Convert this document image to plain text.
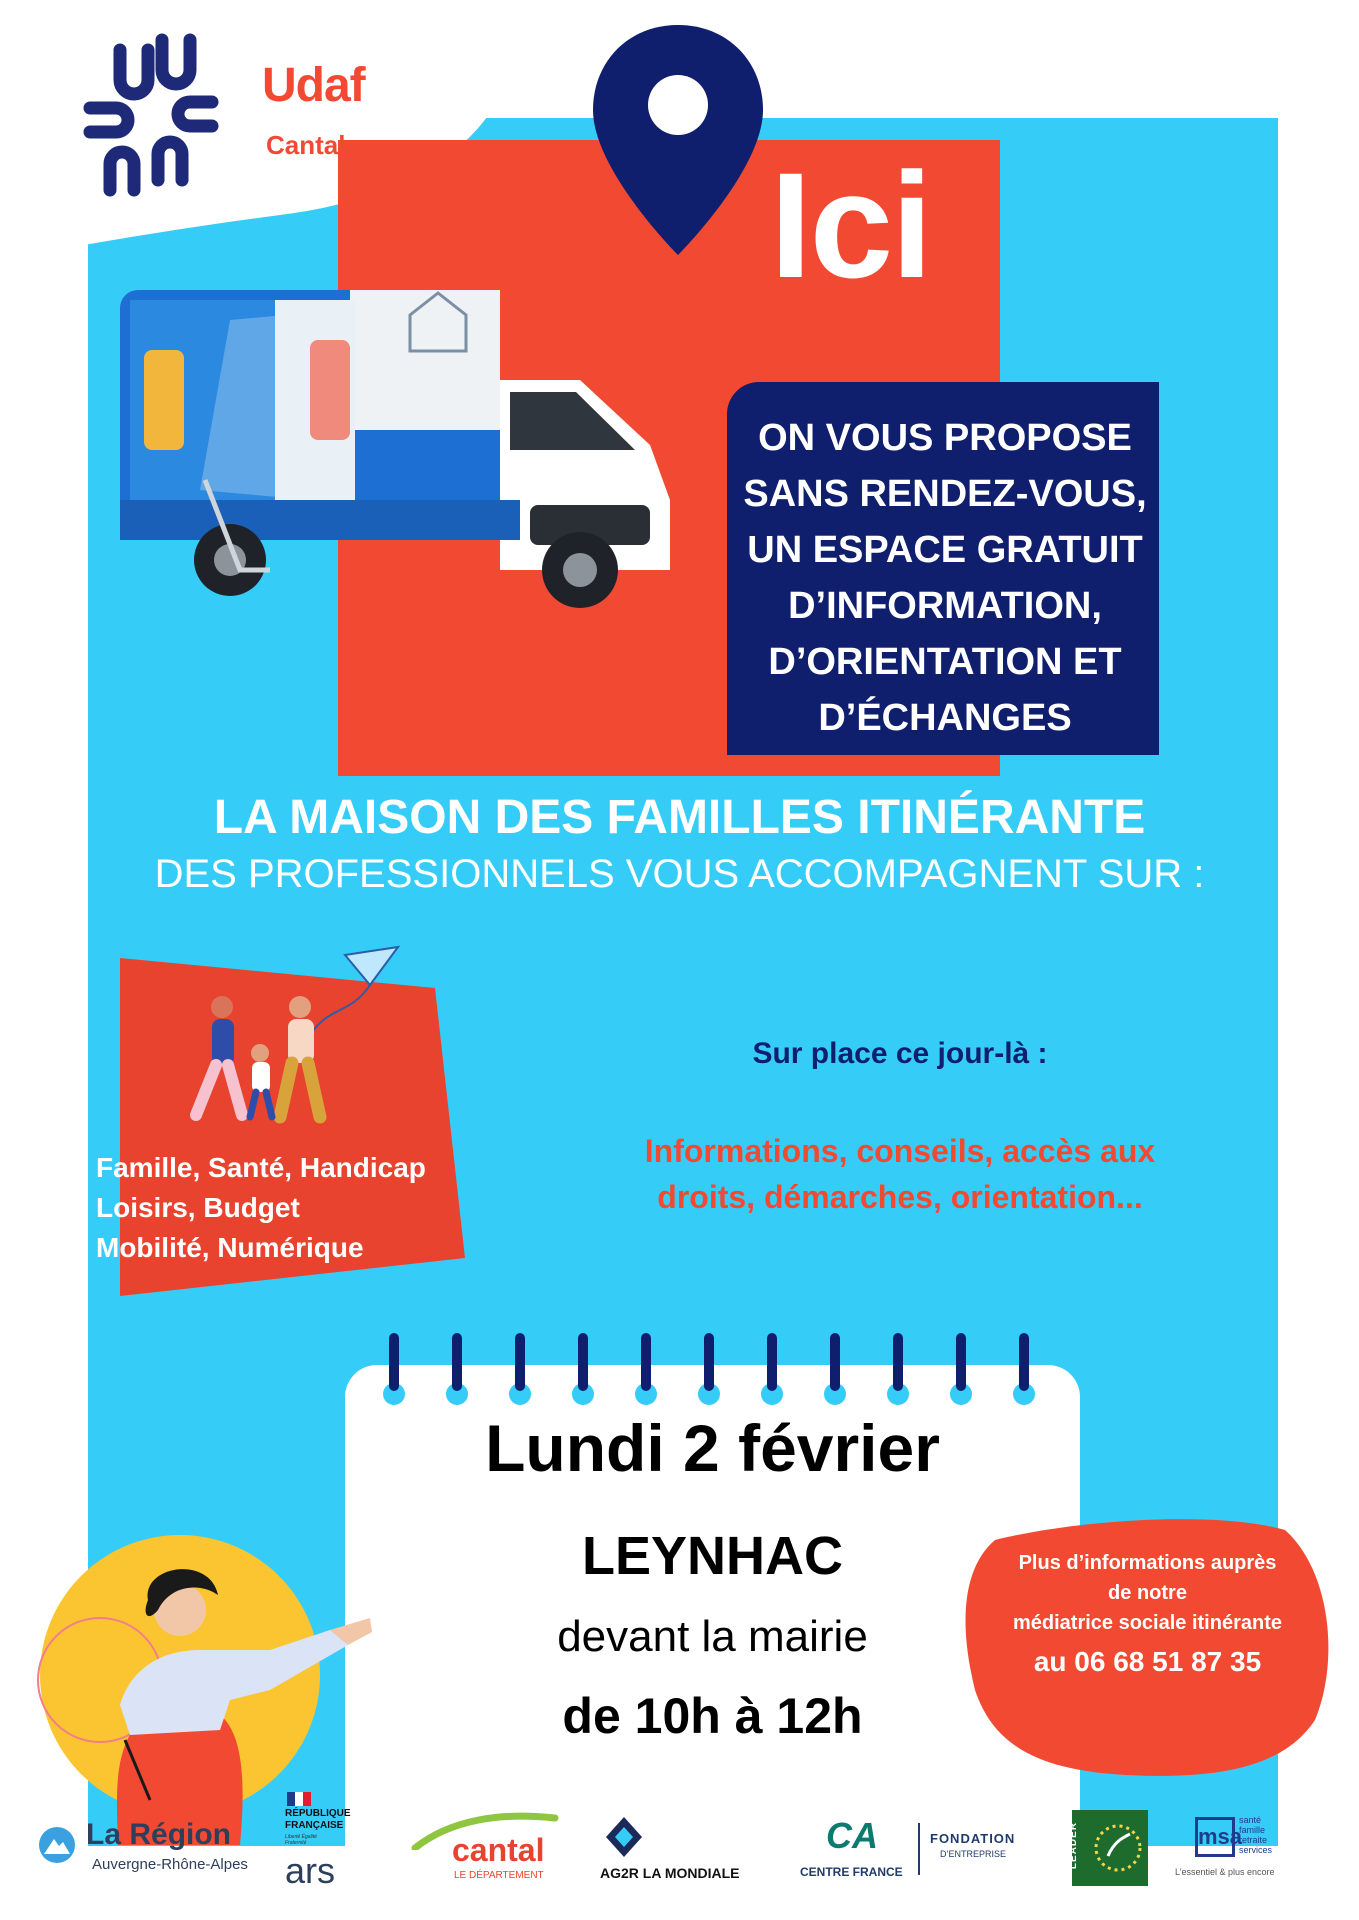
Udaf
Cantal	Ici
ON VOUS PROPOSE
SANS RENDEZ-VOUS,
UN ESPACE GRATUIT
D’INFORMATION,
D’ORIENTATION ET
D’ÉCHANGES
LA MAISON DES FAMILLES ITINÉRANTE
DES PROFESSIONNELS VOUS ACCOMPAGNENT SUR :
Famille, Santé, Handicap
Loisirs, Budget
Mobilité, Numérique
Sur place ce jour-là :
Informations, conseils, accès aux
droits, démarches, orientation...
Lundi 2 février
LEYNHAC
devant la mairie
de 10h à 12h
Plus d’informations auprès
de notre
médiatrice sociale itinérante
au 06 68 51 87 35
La Région
Auvergne-Rhône-Alpes
RÉPUBLIQUE
FRANÇAISE
Liberté Égalité Fraternité
ars	cantal
LE DÉPARTEMENT	AG2R LA MONDIALE
CA
CENTRE FRANCE
FONDATION
D’ENTREPRISE	LEADER	msa
santé
famille
retraite
services
L’essentiel & plus encore
